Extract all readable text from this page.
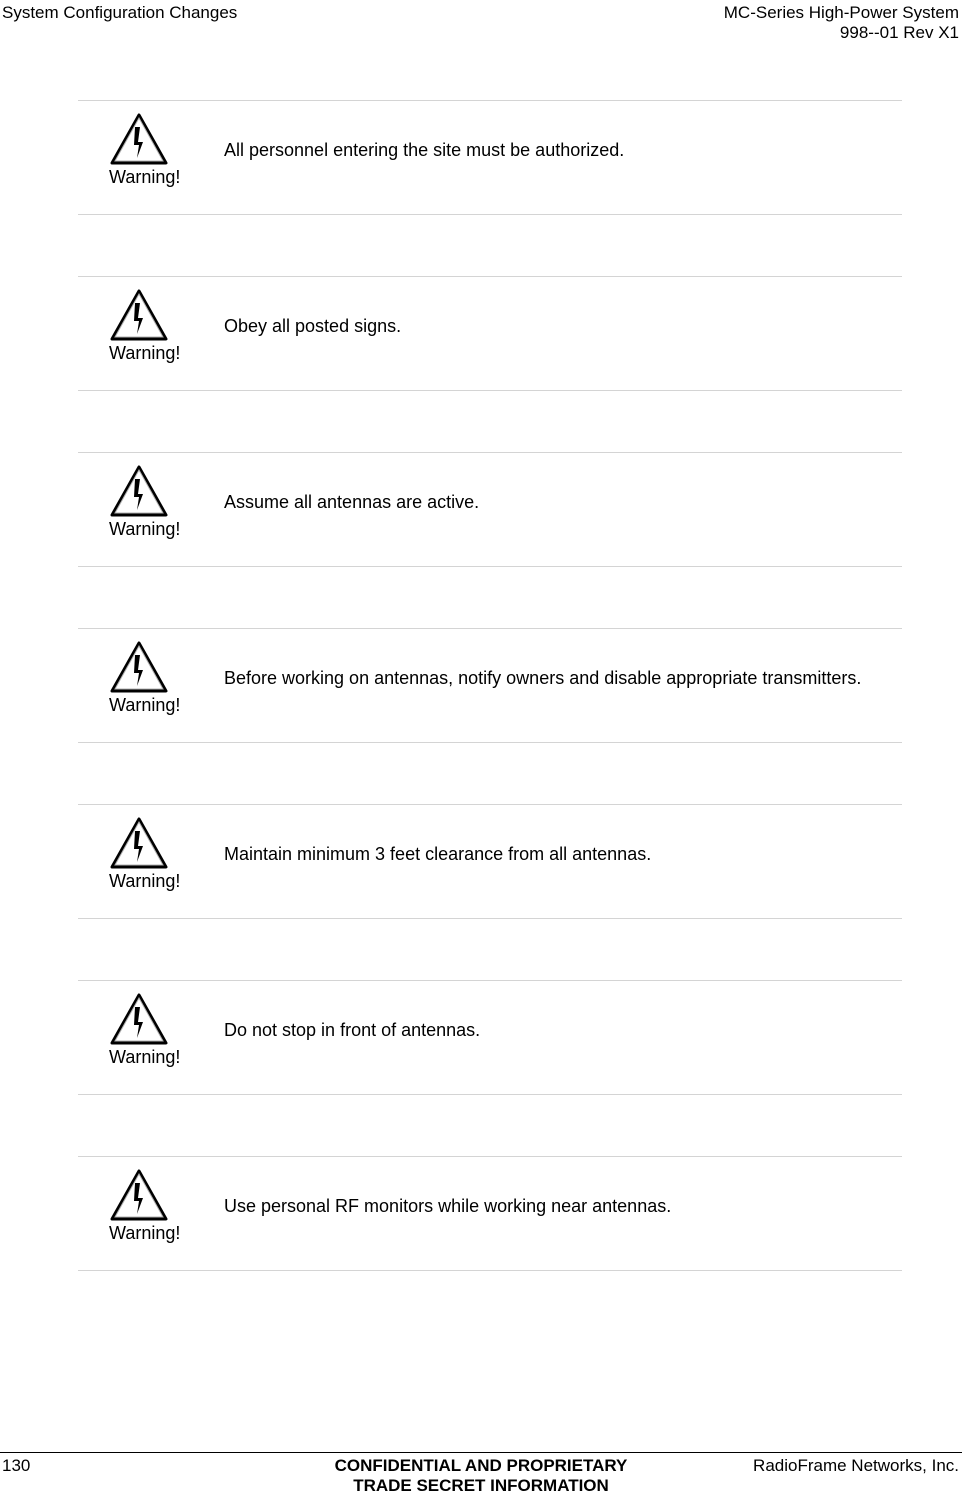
System Configuration Changes	MC-Series High-Power System
998--01 Rev X1
Warning!
All personnel entering the site must be authorized.
Warning!
Obey all posted signs.
Warning!
Assume all antennas are active.
Warning!
Before working on antennas, notify owners and disable appropriate transmitters.
Warning!
Maintain minimum 3 feet clearance from all antennas.
Warning!
Do not stop in front of antennas.
Warning!
Use personal RF monitors while working near antennas.
130	CONFIDENTIAL AND PROPRIETARY
TRADE SECRET INFORMATION
RadioFrame Networks, Inc.
